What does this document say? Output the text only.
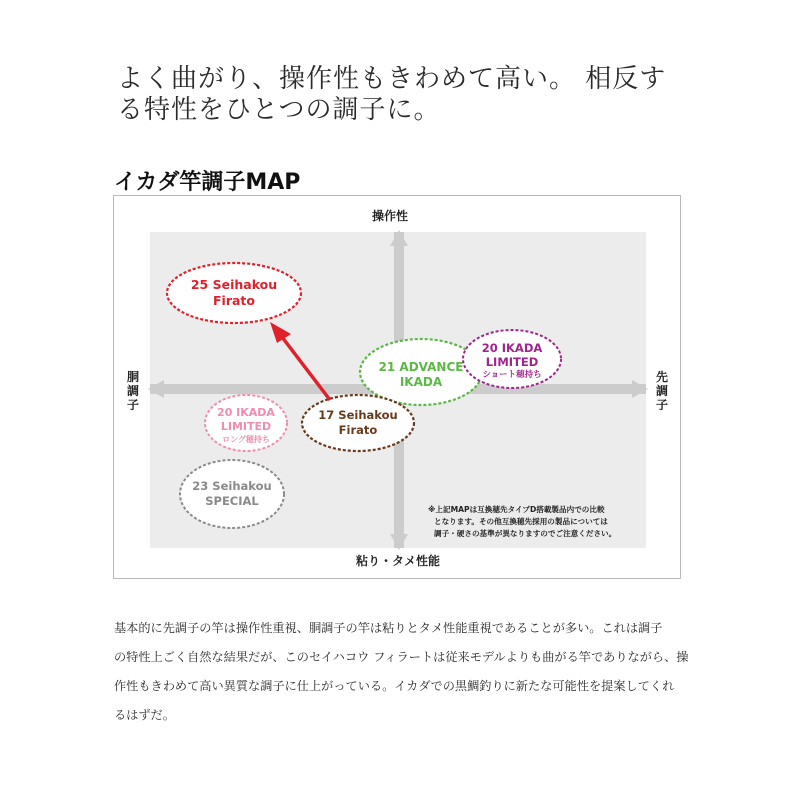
よく曲がり、操作性もきわめて高い。 相反す
る特性をひとつの調子に。
イカダ竿調子MAP
操作性
粘り・タメ性能
胴調子
先調子
25 Seihakou
Firato
21 ADVANCE
IKADA
20 IKADA
LIMITED
ショート穂持ち
20 IKADA
LIMITED
ロング穂持ち
17 Seihakou
Firato
23 Seihakou
SPECIAL
※上記MAPは互換穂先タイプD搭載製品内での比較
となります。その他互換穂先採用の製品については
調子・硬さの基準が異なりますのでご注意ください。

基本的に先調子の竿は操作性重視、胴調子の竿は粘りとタメ性能重視であることが多い。これは調子
の特性上ごく自然な結果だが、このセイハコウ フィラートは従来モデルよりも曲がる竿でありながら、操
作性もきわめて高い異質な調子に仕上がっている。イカダでの黒鯛釣りに新たな可能性を提案してくれ
るはずだ。
